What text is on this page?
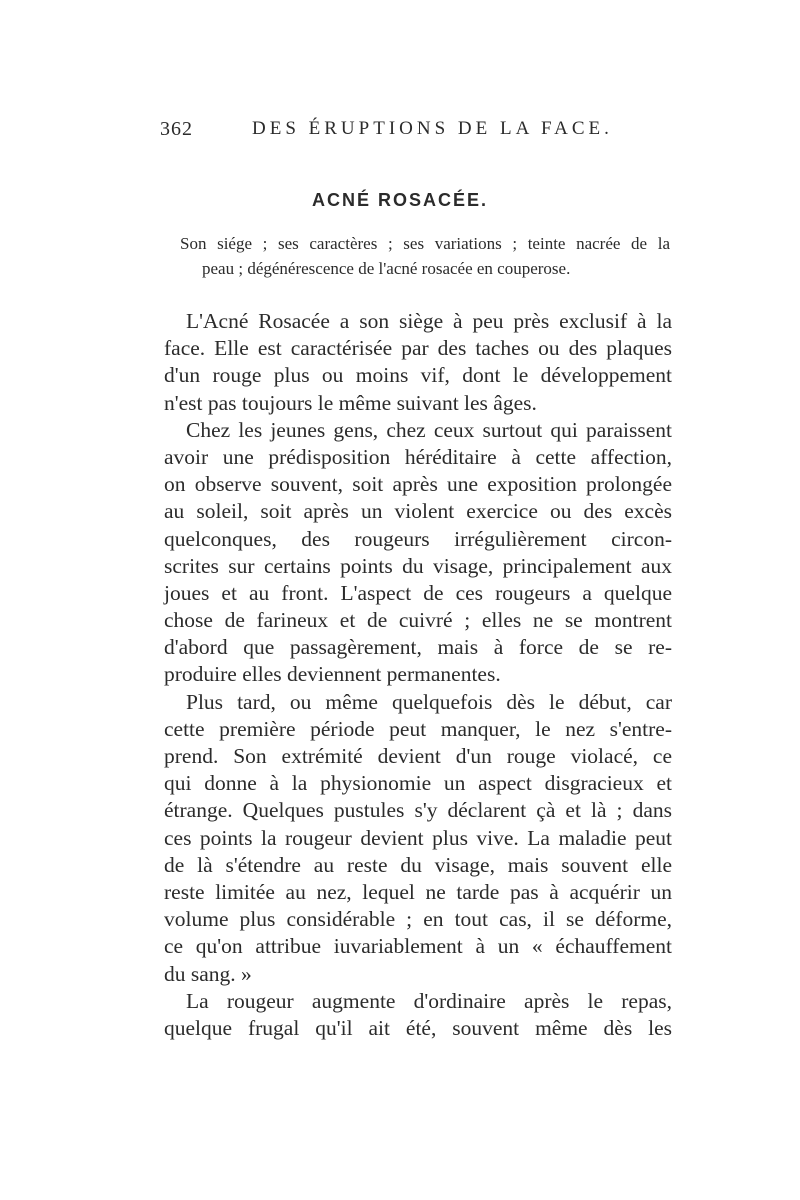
362	DES ÉRUPTIONS DE LA FACE.
ACNÉ ROSACÉE.
Son siége ; ses caractères ; ses variations ; teinte nacrée de la
peau ; dégénérescence de l'acné rosacée en couperose.
L'Acné Rosacée a son siège à peu près exclusif à la
face. Elle est caractérisée par des taches ou des plaques
d'un rouge plus ou moins vif, dont le développement
n'est pas toujours le même suivant les âges.
Chez les jeunes gens, chez ceux surtout qui paraissent
avoir une prédisposition héréditaire à cette affection,
on observe souvent, soit après une exposition prolongée
au soleil, soit après un violent exercice ou des excès
quelconques, des rougeurs irrégulièrement circon-
scrites sur certains points du visage, principalement aux
joues et au front. L'aspect de ces rougeurs a quelque
chose de farineux et de cuivré ; elles ne se montrent
d'abord que passagèrement, mais à force de se re-
produire elles deviennent permanentes.
Plus tard, ou même quelquefois dès le début, car
cette première période peut manquer, le nez s'entre-
prend. Son extrémité devient d'un rouge violacé, ce
qui donne à la physionomie un aspect disgracieux et
étrange. Quelques pustules s'y déclarent çà et là ; dans
ces points la rougeur devient plus vive. La maladie peut
de là s'étendre au reste du visage, mais souvent elle
reste limitée au nez, lequel ne tarde pas à acquérir un
volume plus considérable ; en tout cas, il se déforme,
ce qu'on attribue iuvariablement à un « échauffement
du sang. »
La rougeur augmente d'ordinaire après le repas,
quelque frugal qu'il ait été, souvent même dès les
